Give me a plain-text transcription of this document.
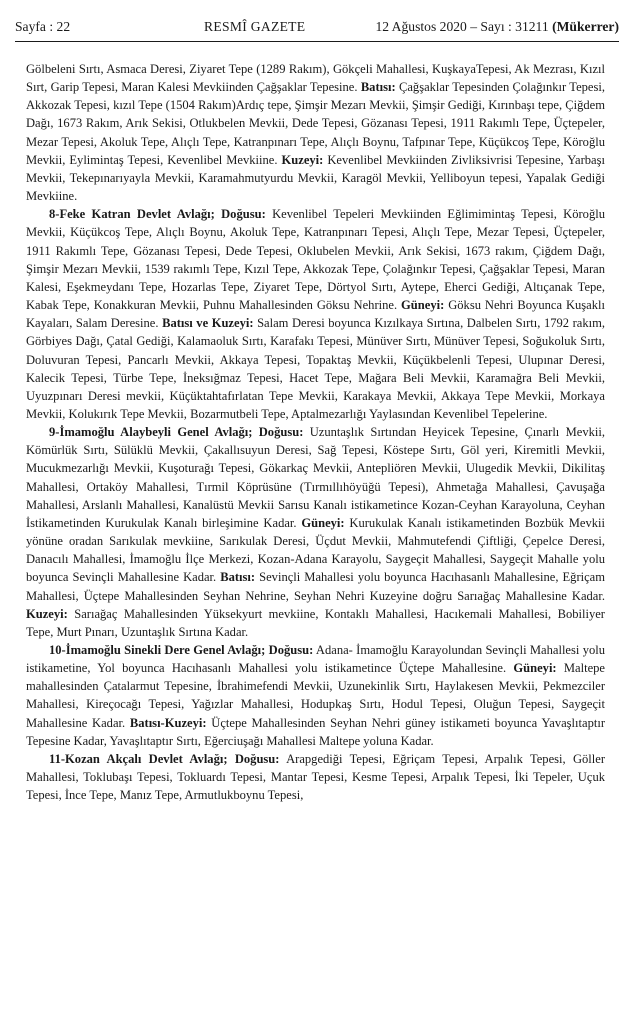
Sayfa : 22	RESMÎ GAZETE	12 Ağustos 2020 – Sayı : 31211 (Mükerrer)

Gölbeleni Sırtı, Asmaca Deresi, Ziyaret Tepe (1289 Rakım), Gökçeli Mahallesi, KuşkayaTepesi, Ak Mezrası, Kızıl Sırt, Garip Tepesi, Maran Kalesi Mevkiinden Çağşaklar Tepesine. Batısı: Çağşaklar Tepesinden Çolağınkır Tepesi, Akkozak Tepesi, kızıl Tepe (1504 Rakım)Ardıç tepe, Şimşir Mezarı Mevkii, Şimşir Gediği, Kırınbaşı tepe, Çiğdem Dağı, 1673 Rakım, Arık Sekisi, Otlukbelen Mevkii, Dede Tepesi, Gözanası Tepesi, 1911 Rakımlı Tepe, Üçtepeler, Mezar Tepesi, Akoluk Tepe, Alıçlı Tepe, Katranpınarı Tepe, Alıçlı Boynu, Tafpınar Tepe, Küçükcoş Tepe, Köroğlu Mevkii, Eylimintaş Tepesi, Kevenlibel Mevkiine. Kuzeyi: Kevenlibel Mevkiinden Zivliksivrisi Tepesine, Yarbaşı Mevkii, Tekepınarıyayla Mevkii, Karamahmutyurdu Mevkii, Karagöl Mevkii, Yelliboyun tepesi, Yapalak Gediği Mevkiine.

8-Feke Katran Devlet Avlağı; Doğusu: Kevenlibel Tepeleri Mevkiinden Eğlimimintaş Tepesi, Köroğlu Mevkii, Küçükcoş Tepe, Alıçlı Boynu, Akoluk Tepe, Katranpınarı Tepesi, Alıçlı Tepe, Mezar Tepesi, Üçtepeler, 1911 Rakımlı Tepe, Gözanası Tepesi, Dede Tepesi, Oklubelen Mevkii, Arık Sekisi, 1673 rakım, Çiğdem Dağı, Şimşir Mezarı Mevkii, 1539 rakımlı Tepe, Kızıl Tepe, Akkozak Tepe, Çolağınkır Tepesi, Çağşaklar Tepesi, Maran Kalesi, Eşekmeydanı Tepe, Hozarlas Tepe, Ziyaret Tepe, Dörtyol Sırtı, Aytepe, Eherci Gediği, Altıçanak Tepe, Kabak Tepe, Konakkuran Mevkii, Puhnu Mahallesinden Göksu Nehrine. Güneyi: Göksu Nehri Boyunca Kuşaklı Kayaları, Salam Deresine. Batısı ve Kuzeyi: Salam Deresi boyunca Kızılkaya Sırtına, Dalbelen Sırtı, 1792 rakım, Görbiyes Dağı, Çatal Gediği, Kalamaoluk Sırtı, Karafakı Tepesi, Münüver Sırtı, Münüver Tepesi, Soğukoluk Sırtı, Doluvuran Tepesi, Pancarlı Mevkii, Akkaya Tepesi, Topaktaş Mevkii, Küçükbelenli Tepesi, Ulupınar Deresi, Kalecik Tepesi, Türbe Tepe, İneksığmaz Tepesi, Hacet Tepe, Mağara Beli Mevkii, Karamağra Beli Mevkii, Uyuzpınarı Deresi mevkii, Küçüktahtafırlatan Tepe Mevkii, Karakaya Mevkii, Akkaya Tepe Mevkii, Morkaya Mevkii, Kolukırık Tepe Mevkii, Bozarmutbeli Tepe, Aptalmezarlığı Yaylasından Kevenlibel Tepelerine.

9-İmamoğlu Alaybeyli Genel Avlağı; Doğusu: Uzuntaşlık Sırtından Heyicek Tepesine, Çınarlı Mevkii, Kömürlük Sırtı, Sülüklü Mevkii, Çakallısuyun Deresi, Sağ Tepesi, Köstepe Sırtı, Göl yeri, Kiremitli Mevkii, Mucukmezarlığı Mevkii, Kuşoturağı Tepesi, Gökarkaç Mevkii, Antepliören Mevkii, Ulugedik Mevkii, Dikilitaş Mahallesi, Ortaköy Mahallesi, Tırmil Köprüsüne (Tırmıllıhöyüğü Tepesi), Ahmetağa Mahallesi, Çavuşağa Mahallesi, Arslanlı Mahallesi, Kanalüstü Mevkii Sarısu Kanalı istikametince Kozan-Ceyhan Karayoluna, Ceyhan İstikametinden Kurukulak Kanalı birleşimine Kadar. Güneyi: Kurukulak Kanalı istikametinden Bozbük Mevkii yönüne oradan Sarıkulak mevkiine, Sarıkulak Deresi, Üçdut Mevkii, Mahmutefendi Çiftliği, Çepelce Deresi, Danacılı Mahallesi, İmamoğlu İlçe Merkezi, Kozan-Adana Karayolu, Saygeçit Mahallesi, Saygeçit Mahalle yolu boyunca Sevinçli Mahallesine Kadar. Batısı: Sevinçli Mahallesi yolu boyunca Hacıhasanlı Mahallesine, Eğriçam Mahallesi, Üçtepe Mahallesinden Seyhan Nehrine, Seyhan Nehri Kuzeyine doğru Sarıağaç Mahallesine Kadar. Kuzeyi: Sarıağaç Mahallesinden Yüksekyurt mevkiine, Kontaklı Mahallesi, Hacıkemali Mahallesi, Bobiliyer Tepe, Murt Pınarı, Uzuntaşlık Sırtına Kadar.

10-İmamoğlu Sinekli Dere Genel Avlağı; Doğusu: Adana- İmamoğlu Karayolundan Sevinçli Mahallesi yolu istikametine, Yol boyunca Hacıhasanlı Mahallesi yolu istikametince Üçtepe Mahallesine. Güneyi: Maltepe mahallesinden Çatalarmut Tepesine, İbrahimefendi Mevkii, Uzunekinlik Sırtı, Haylakesen Mevkii, Pekmezciler Mahallesi, Kireçocağı Tepesi, Yağızlar Mahallesi, Hodupkaş Sırtı, Hodul Tepesi, Oluğun Tepesi, Saygeçit Mahallesine Kadar. Batısı-Kuzeyi: Üçtepe Mahallesinden Seyhan Nehri güney istikameti boyunca Yavaşlıtaptır Tepesine Kadar, Yavaşlıtaptır Sırtı, Eğerciuşağı Mahallesi Maltepe yoluna Kadar.

11-Kozan Akçalı Devlet Avlağı; Doğusu: Arapgediği Tepesi, Eğriçam Tepesi, Arpalık Tepesi, Göller Mahallesi, Toklubaşı Tepesi, Tokluardı Tepesi, Mantar Tepesi, Kesme Tepesi, Arpalık Tepesi, İki Tepeler, Uçuk Tepesi, İnce Tepe, Manız Tepe, Armutlukboynu Tepesi,
